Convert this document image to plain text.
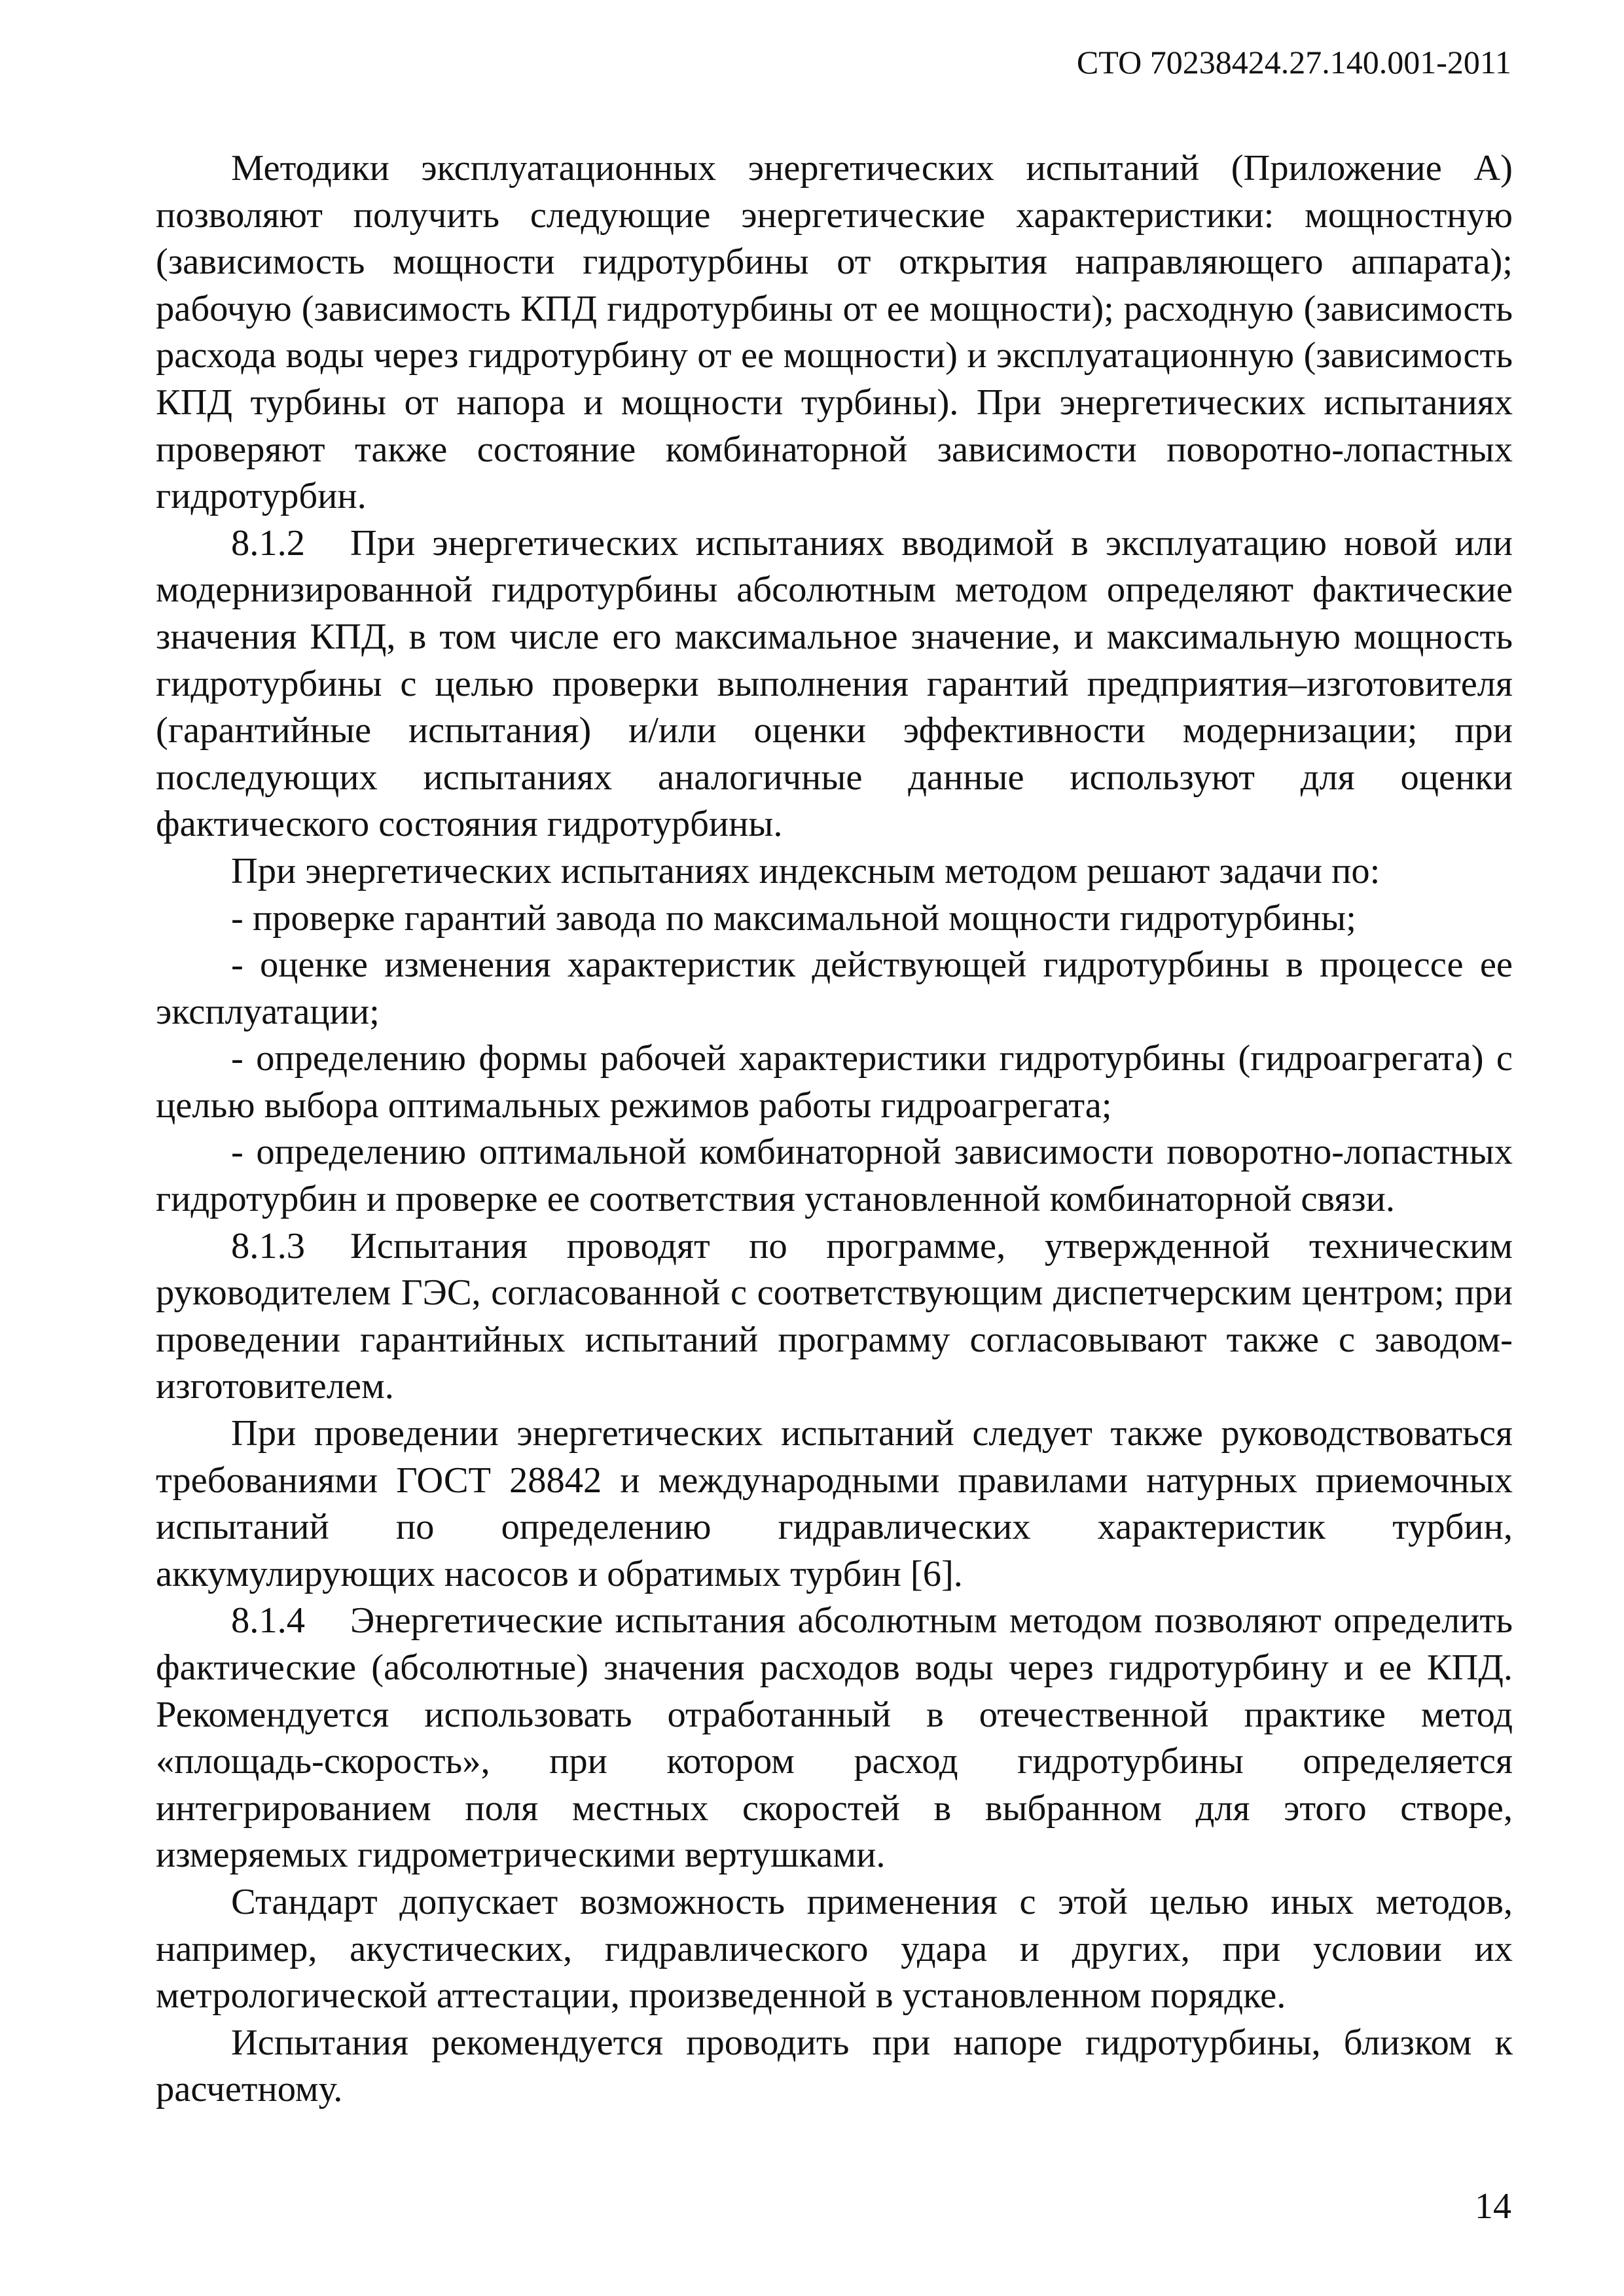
СТО 70238424.27.140.001-2011

Методики эксплуатационных энергетических испытаний (Приложение А) позволяют получить следующие энергетические характеристики: мощностную (зависимость мощности гидротурбины от открытия направляющего аппарата); рабочую (зависимость КПД гидротурбины от ее мощности); расходную (зависимость расхода воды через гидротурбину от ее мощности) и эксплуатационную (зависимость КПД турбины от напора и мощности турбины). При энергетических испытаниях проверяют также состояние комбинаторной зависимости поворотно-лопастных гидротурбин.

8.1.2 При энергетических испытаниях вводимой в эксплуатацию новой или модернизированной гидротурбины абсолютным методом определяют фактические значения КПД, в том числе его максимальное значение, и максимальную мощность гидротурбины с целью проверки выполнения гарантий предприятия–изготовителя (гарантийные испытания) и/или оценки эффективности модернизации; при последующих испытаниях аналогичные данные используют для оценки фактического состояния гидротурбины.

При энергетических испытаниях индексным методом решают задачи по:

- проверке гарантий завода по максимальной мощности гидротурбины;

- оценке изменения характеристик действующей гидротурбины в процессе ее эксплуатации;

- определению формы рабочей характеристики гидротурбины (гидроагрегата) с целью выбора оптимальных режимов работы гидроагрегата;

- определению оптимальной комбинаторной зависимости поворотно-лопастных гидротурбин и проверке ее соответствия установленной комбинаторной связи.

8.1.3 Испытания проводят по программе, утвержденной техническим руководителем ГЭС, согласованной с соответствующим диспетчерским центром; при проведении гарантийных испытаний программу согласовывают также с заводом-изготовителем.

При проведении энергетических испытаний следует также руководствоваться требованиями ГОСТ 28842 и международными правилами натурных приемочных испытаний по определению гидравлических характеристик турбин, аккумулирующих насосов и обратимых турбин [6].

8.1.4 Энергетические испытания абсолютным методом позволяют определить фактические (абсолютные) значения расходов воды через гидротурбину и ее КПД. Рекомендуется использовать отработанный в отечественной практике метод «площадь-скорость», при котором расход гидротурбины определяется интегрированием поля местных скоростей в выбранном для этого створе, измеряемых гидрометрическими вертушками.

Стандарт допускает возможность применения с этой целью иных методов, например, акустических, гидравлического удара и других, при условии их метрологической аттестации, произведенной в установленном порядке.

Испытания рекомендуется проводить при напоре гидротурбины, близком к расчетному.

14
